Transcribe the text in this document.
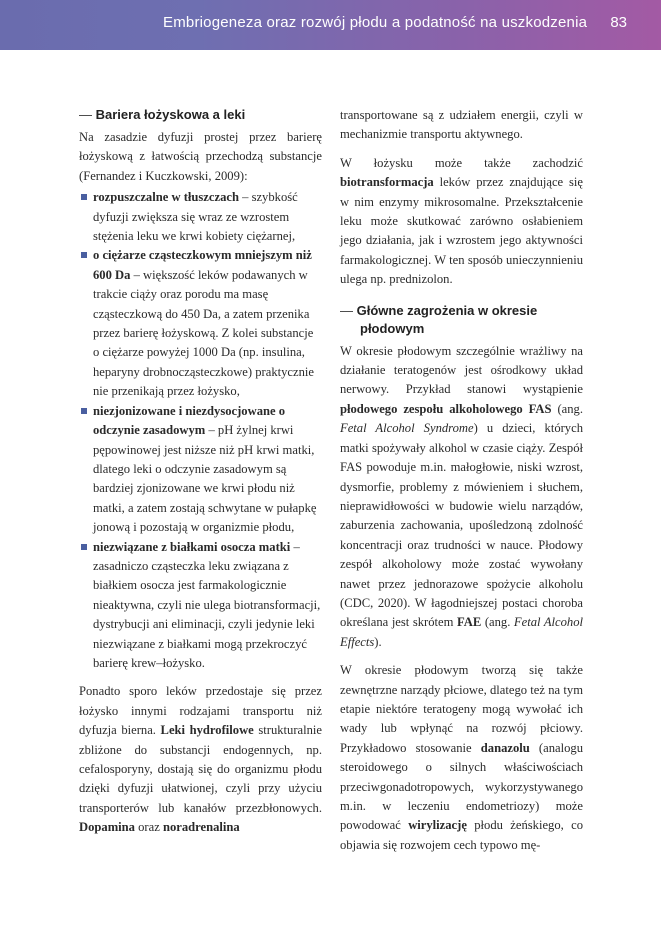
Embriogeneza oraz rozwój płodu a podatność na uszkodzenia 83
— Bariera łożyskowa a leki

Na zasadzie dyfuzji prostej przez barierę łożyskową z łatwością przechodzą substancje (Fernandez i Kuczkowski, 2009):

rozpuszczalne w tłuszczach – szybkość dyfuzji zwiększa się wraz ze wzrostem stężenia leku we krwi kobiety ciężarnej,
o ciężarze cząsteczkowym mniejszym niż 600 Da – większość leków podawanych w trakcie ciąży oraz porodu ma masę cząsteczkową do 450 Da, a zatem przenika przez barierę łożyskową. Z kolei substancje o ciężarze powyżej 1000 Da (np. insulina, heparyny drobnocząsteczkowe) praktycznie nie przenikają przez łożysko,
niezjonizowane i niezdysocjowane o odczynie zasadowym – pH żylnej krwi pępowinowej jest niższe niż pH krwi matki, dlatego leki o odczynie zasadowym są bardziej zjonizowane we krwi płodu niż matki, a zatem zostają schwytane w pułapkę jonową i pozostają w organizmie płodu,
niezwiązane z białkami osocza matki – zasadniczo cząsteczka leku związana z białkiem osocza jest farmakologicznie nieaktywna, czyli nie ulega biotransformacji, dystrybucji ani eliminacji, czyli jedynie leki niezwiązane z białkami mogą przekroczyć barierę krew–łożysko.

Ponadto sporo leków przedostaje się przez łożysko innymi rodzajami transportu niż dyfuzja bierna. Leki hydrofilowe strukturalnie zbliżone do substancji endogennych, np. cefalosporyny, dostają się do organizmu płodu dzięki dyfuzji ułatwionej, czyli przy użyciu transporterów lub kanałów przezbłonowych. Dopamina oraz noradrenalina

transportowane są z udziałem energii, czyli w mechanizmie transportu aktywnego.

W łożysku może także zachodzić biotransformacja leków przez znajdujące się w nim enzymy mikrosomalne. Przekształcenie leku może skutkować zarówno osłabieniem jego działania, jak i wzrostem jego aktywności farmakologicznej. W ten sposób unieczynnieniu ulega np. prednizolon.

— Główne zagrożenia w okresie
płodowym

W okresie płodowym szczególnie wrażliwy na działanie teratogenów jest ośrodkowy układ nerwowy. Przykład stanowi wystąpienie płodowego zespołu alkoholowego FAS (ang. Fetal Alcohol Syndrome) u dzieci, których matki spożywały alkohol w czasie ciąży. Zespół FAS powoduje m.in. małogłowie, niski wzrost, dysmorfie, problemy z mówieniem i słuchem, nieprawidłowości w budowie wielu narządów, zaburzenia zachowania, upośledzoną zdolność koncentracji oraz trudności w nauce. Płodowy zespół alkoholowy może zostać wywołany nawet przez jednorazowe spożycie alkoholu (CDC, 2020). W łagodniejszej postaci choroba określana jest skrótem FAE (ang. Fetal Alcohol Effects).

W okresie płodowym tworzą się także zewnętrzne narządy płciowe, dlatego też na tym etapie niektóre teratogeny mogą wywołać ich wady lub wpłynąć na rozwój płciowy. Przykładowo stosowanie danazolu (analogu steroidowego o silnych właściwościach przeciwgonadotropowych, wykorzystywanego m.in. w leczeniu endometriozy) może powodować wirylizację płodu żeńskiego, co objawia się rozwojem cech typowo mę-
